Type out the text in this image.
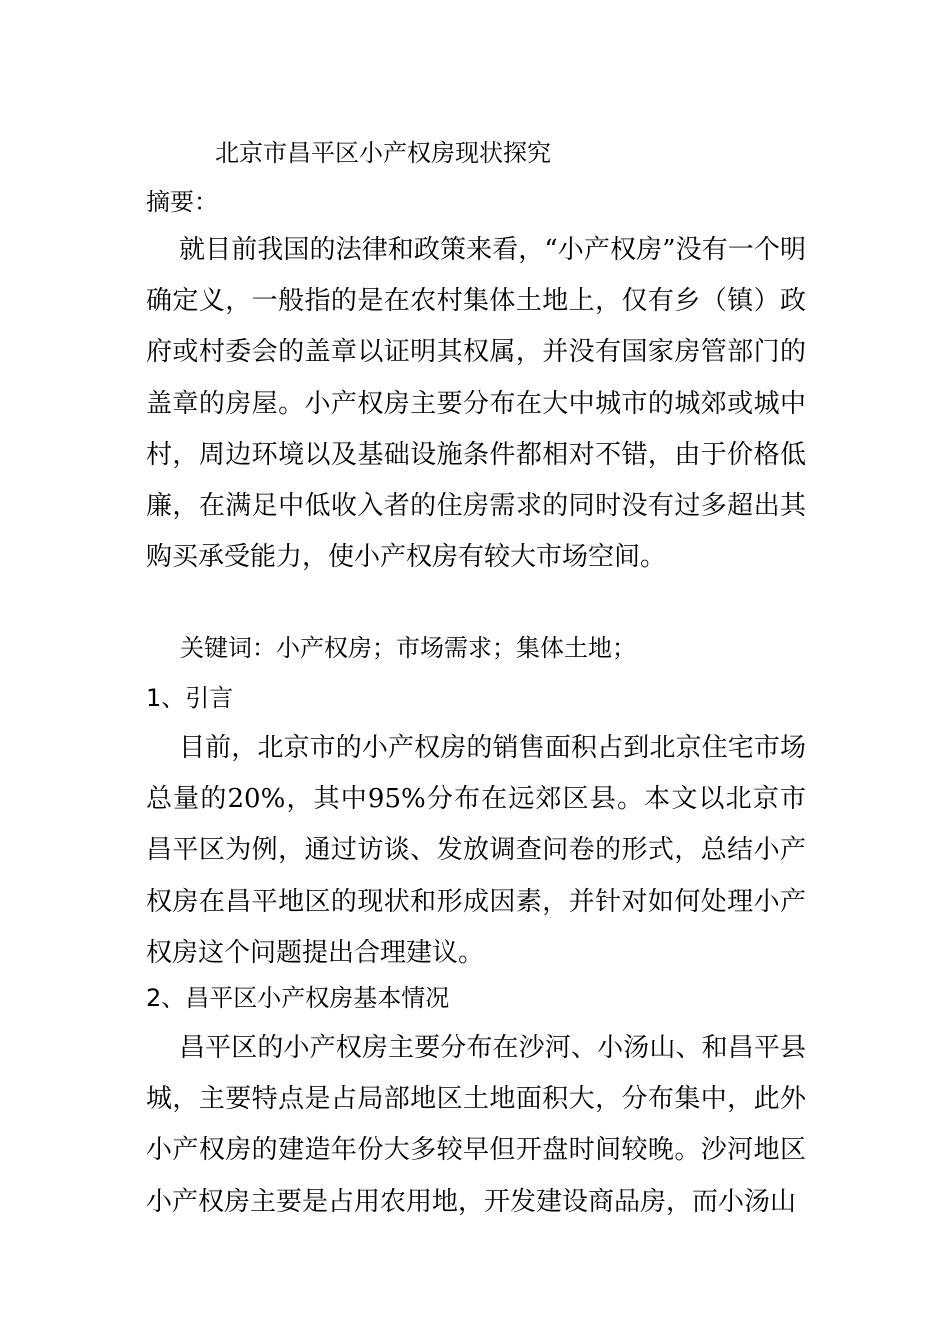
北京市昌平区小产权房现状探究
摘要：
就目前我国的法律和政策来看，“小产权房”没有一个明确定义，一般指的是在农村集体土地上，仅有乡（镇）政府或村委会的盖章以证明其权属，并没有国家房管部门的盖章的房屋。小产权房主要分布在大中城市的城郊或城中村，周边环境以及基础设施条件都相对不错，由于价格低廉，在满足中低收入者的住房需求的同时没有过多超出其购买承受能力，使小产权房有较大市场空间。
关键词：小产权房；市场需求；集体土地；
1、引言
目前，北京市的小产权房的销售面积占到北京住宅市场总量的20%，其中95%分布在远郊区县。本文以北京市昌平区为例，通过访谈、发放调查问卷的形式，总结小产权房在昌平地区的现状和形成因素，并针对如何处理小产权房这个问题提出合理建议。
2、昌平区小产权房基本情况
昌平区的小产权房主要分布在沙河、小汤山、和昌平县城，主要特点是占局部地区土地面积大，分布集中，此外小产权房的建造年份大多较早但开盘时间较晚。沙河地区小产权房主要是占用农用地，开发建设商品房，而小汤山
